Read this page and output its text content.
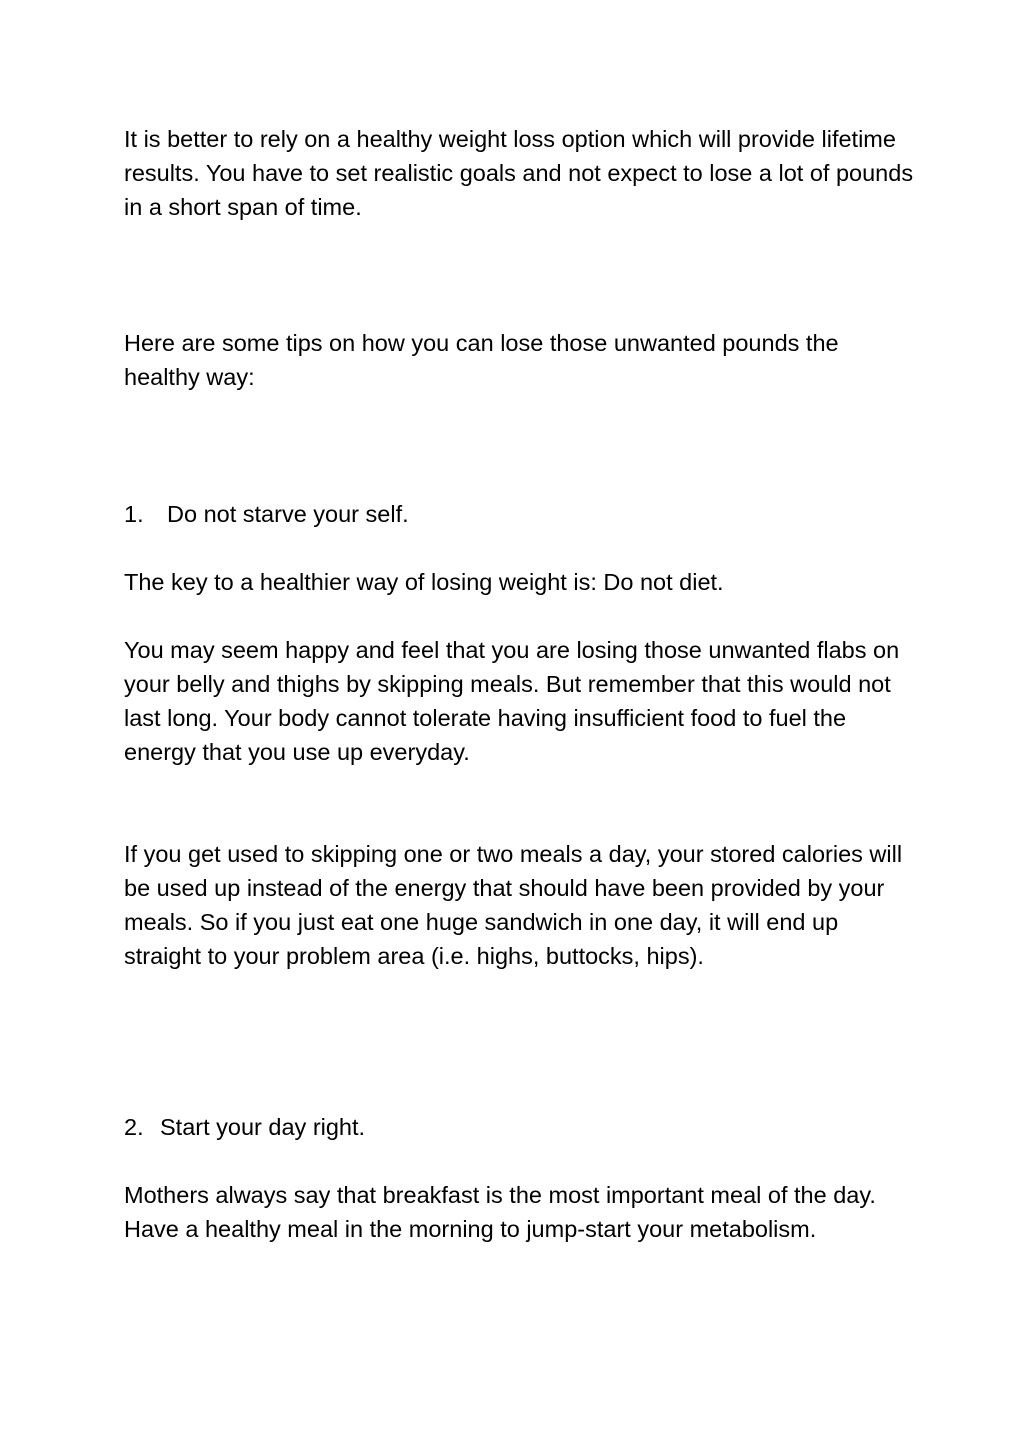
It is better to rely on a healthy weight loss option which will provide lifetime results. You have to set realistic goals and not expect to lose a lot of pounds in a short span of time.

Here are some tips on how you can lose those unwanted pounds the healthy way:

1. Do not starve your self.

The key to a healthier way of losing weight is: Do not diet.

You may seem happy and feel that you are losing those unwanted flabs on your belly and thighs by skipping meals. But remember that this would not last long. Your body cannot tolerate having insufficient food to fuel the energy that you use up everyday.

If you get used to skipping one or two meals a day, your stored calories will be used up instead of the energy that should have been provided by your meals. So if you just eat one huge sandwich in one day, it will end up straight to your problem area (i.e. highs, buttocks, hips).

2. Start your day right.

Mothers always say that breakfast is the most important meal of the day. Have a healthy meal in the morning to jump-start your metabolism.
